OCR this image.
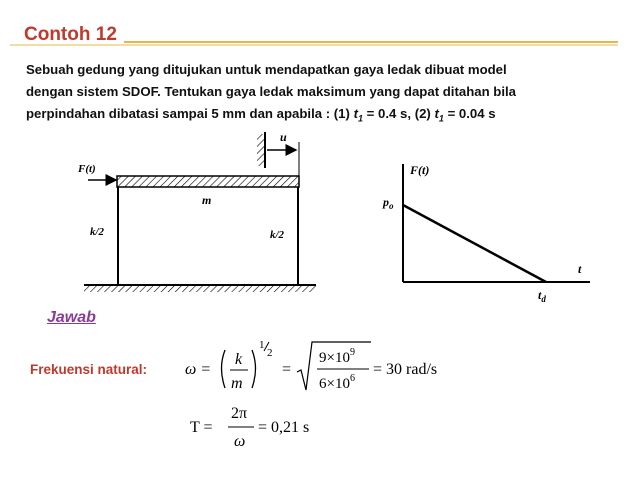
Contoh 12
Sebuah gedung yang ditujukan untuk mendapatkan gaya ledak dibuat model
dengan sistem SDOF. Tentukan gaya ledak maksimum yang dapat ditahan bila
perpindahan dibatasi sampai 5 mm dan apabila : (1) $t_1 = 0.4$ s, (2) $t_1 = 0.04$ s
u
F(t)
m
k/2	k/2
F(t)
$p_o$
t
$t_d$
Jawab
Frekuensi natural: ω =
k
m
1
2
=
$9\times 10^9$
$6\times 10^6$
= 30 rad/s
T =
2π
ω
= 0,21 s
